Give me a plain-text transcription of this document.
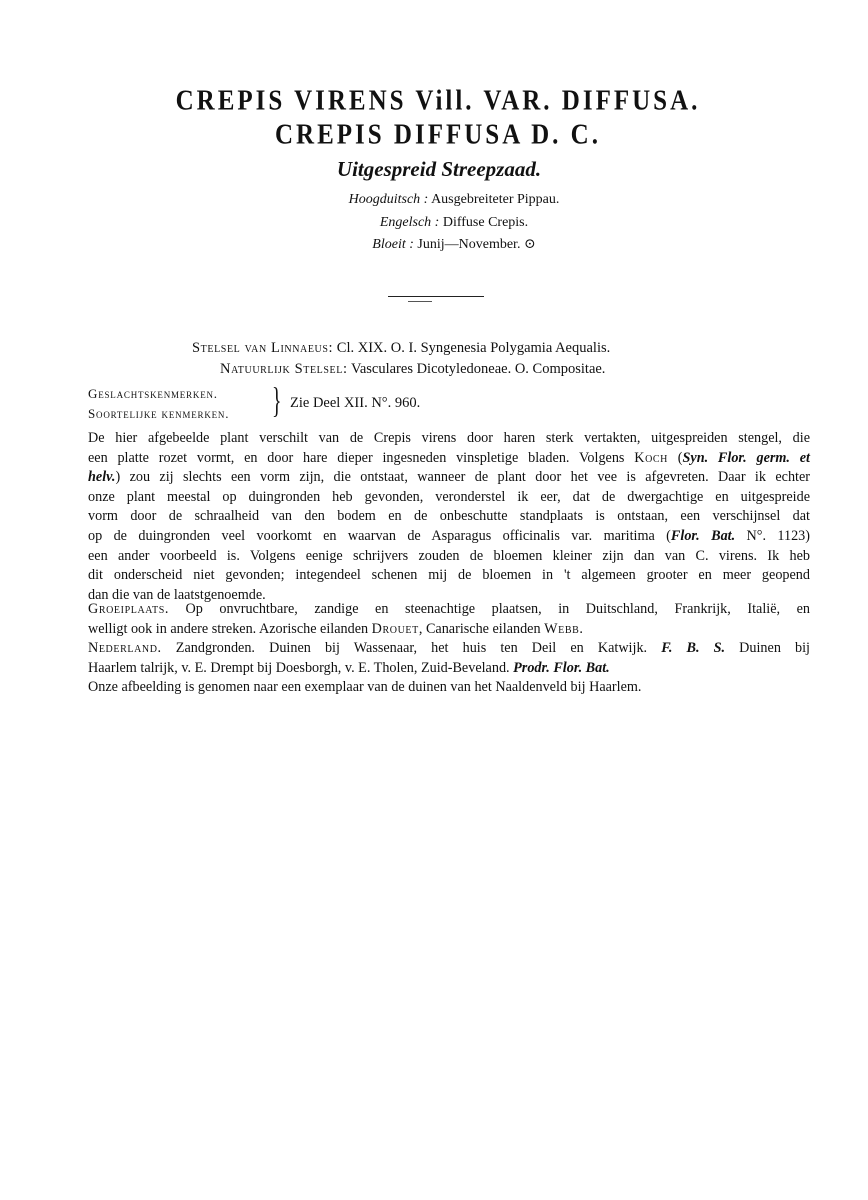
CREPIS VIRENS Vill. VAR. DIFFUSA.
CREPIS DIFFUSA D. C.
Uitgespreid Streepzaad.
Hoogduitsch : Ausgebreiteter Pippau.
Engelsch : Diffuse Crepis.
Bloeit : Junij—November. ⊙
Stelsel van Linnaeus: Cl. XIX. O. I. Syngenesia Polygamia Aequalis.
Natuurlijk Stelsel: Vasculares Dicotyledoneae. O. Compositae.
Geslachtskenmerken.
Soortelijke kenmerken. } Zie Deel XII. N°. 960.
De hier afgebeelde plant verschilt van de Crepis virens door haren sterk vertakten, uitgespreiden stengel, die
een platte rozet vormt, en door hare dieper ingesneden vinspletige bladen. Volgens Koch (Syn. Flor. germ. et
helv.) zou zij slechts een vorm zijn, die ontstaat, wanneer de plant door het vee is afgevreten. Daar ik echter
onze plant meestal op duingronden heb gevonden, veronderstel ik eer, dat de dwergachtige en uitgespreide
vorm door de schraalheid van den bodem en de onbeschutte standplaats is ontstaan, een verschijnsel dat
op de duingronden veel voorkomt en waarvan de Asparagus officinalis var. maritima (Flor. Bat. N°. 1123)
een ander voorbeeld is. Volgens eenige schrijvers zouden de bloemen kleiner zijn dan van C. virens. Ik heb
dit onderscheid niet gevonden; integendeel schenen mij de bloemen in 't algemeen grooter en meer geopend
dan die van de laatstgenoemde.
Groeiplaats. Op onvruchtbare, zandige en steenachtige plaatsen, in Duitschland, Frankrijk, Italië, en
welligt ook in andere streken. Azorische eilanden Drouet, Canarische eilanden Webb.
Nederland. Zandgronden. Duinen bij Wassenaar, het huis ten Deil en Katwijk. F. B. S. Duinen bij
Haarlem talrijk, v. E. Drempt bij Doesborgh, v. E. Tholen, Zuid-Beveland. Prodr. Flor. Bat.
Onze afbeelding is genomen naar een exemplaar van de duinen van het Naaldenveld bij Haarlem.
